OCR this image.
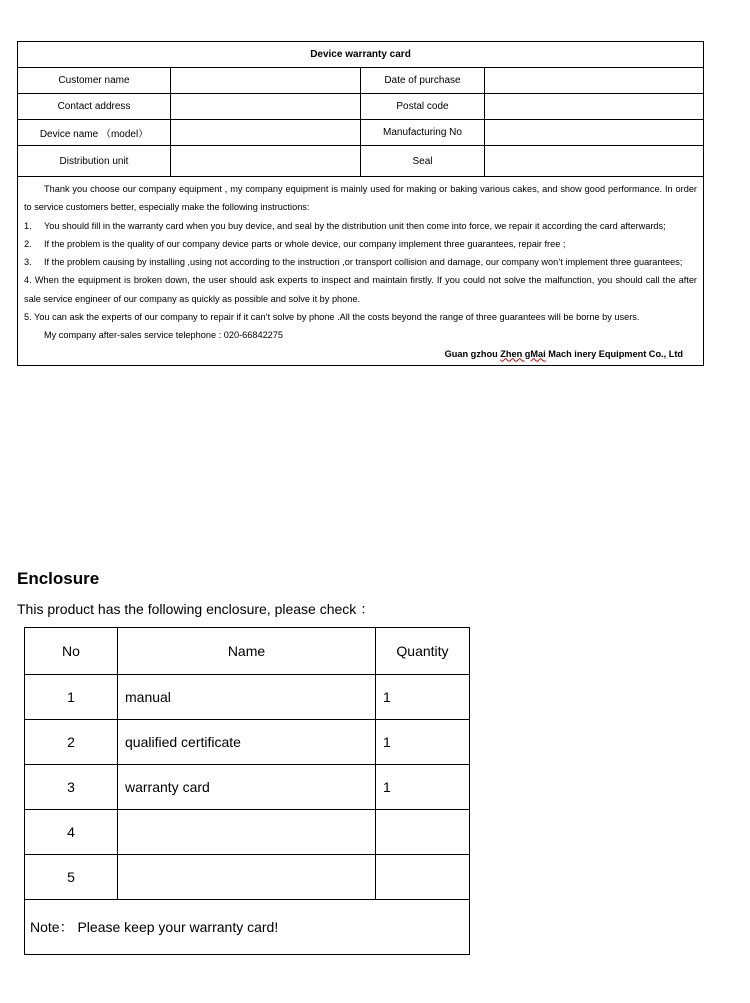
Device warranty card
Customer name	Date of purchase
Contact address	Postal code
Device name （model）	Manufacturing No
Distribution unit	Seal

Thank you choose our company equipment , my company equipment is mainly used for making or baking various cakes, and show good performance. In order to service customers better, especially make the following instructions:

1. You should fill in the warranty card when you buy device, and seal by the distribution unit then come into force, we repair it according the card afterwards;

2. If the problem is the quality of our company device parts or whole device, our company implement three guarantees, repair free ;

3. If the problem causing by installing ,using not according to the instruction ,or transport collision and damage, our company won’t implement three guarantees;

4. When the equipment is broken down, the user should ask experts to inspect and maintain firstly. If you could not solve the malfunction, you should call the after sale service engineer of our company as quickly as possible and solve it by phone.

5. You can ask the experts of our company to repair if it can’t solve by phone .All the costs beyond the range of three guarantees will be borne by users.

My company after-sales service telephone : 020-66842275

Guan gzhou Zhen gMai Mach inery Equipment Co., Ltd

Enclosure

This product has the following enclosure, please check ：

No	Name	Quantity
1	manual	1
2	qualified certificate	1
3	warranty card	1
4		
5		
Note： Please keep your warranty card!		
